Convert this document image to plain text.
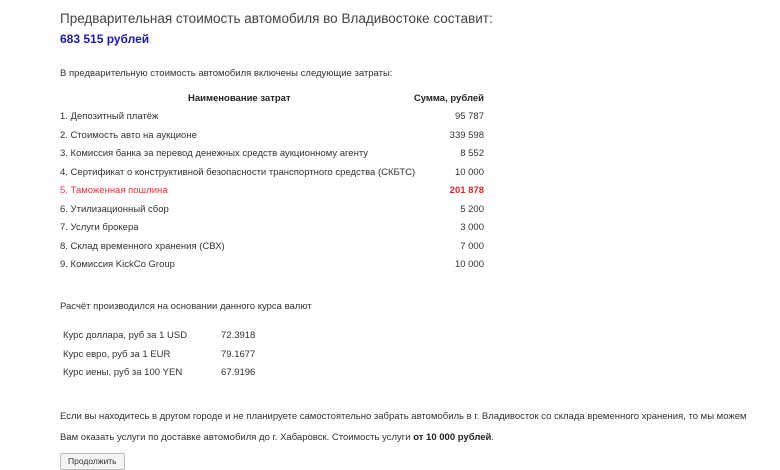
Предварительная стоимость автомобиля во Владивостоке составит:
683 515 рублей
В предварительную стоимость автомобиля включены следующие затраты:
Наименование затрат	Сумма, рублей
1. Депозитный платёж	95 787
2. Стоимость авто на аукционе	339 598
3. Комиссия банка за перевод денежных средств аукционному агенту	8 552
4. Сертификат о конструктивной безопасности транспортного средства (СКБТС)	10 000
5. Таможенная пошлина	201 878
6. Утилизационный сбор	5 200
7. Услуги брокера	3 000
8. Склад временного хранения (СВХ)	7 000
9. Комиссия KickCo Group	10 000
Расчёт производился на основании данного курса валют
Курс доллара, руб за 1 USD	72.3918
Курс евро, руб за 1 EUR	79.1677
Курс иены, руб за 100 YEN	67.9196
Если вы находитесь в другом городе и не планируете самостоятельно забрать автомобиль в г. Владивосток со склада временного хранения, то мы можем Вам оказать услуги по доставке автомобиля до г. Хабаровск. Стоимость услуги от 10 000 рублей.
Продолжить
